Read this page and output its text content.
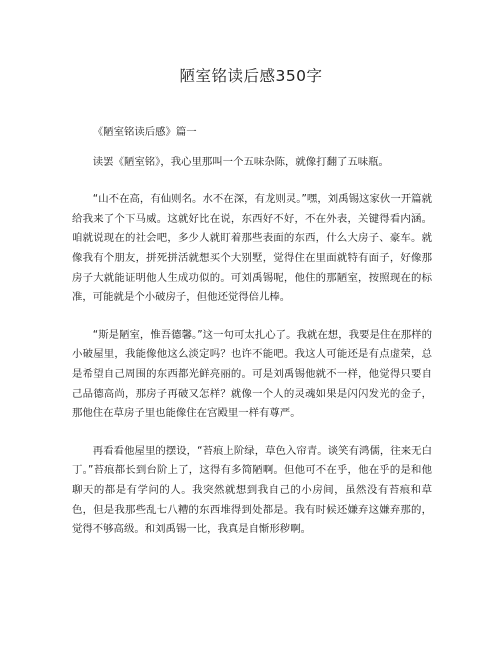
陋室铭读后感350字

《陋室铭读后感》篇一

读罢《陋室铭》，我心里那叫一个五味杂陈，就像打翻了五味瓶。

“山不在高，有仙则名。水不在深，有龙则灵。”嘿，刘禹锡这家伙一开篇就给我来了个下马威。这就好比在说，东西好不好，不在外表，关键得看内涵。咱就说现在的社会吧，多少人就盯着那些表面的东西，什么大房子、豪车。就像我有个朋友，拼死拼活就想买个大别墅，觉得住在里面就特有面子，好像那房子大就能证明他人生成功似的。可刘禹锡呢，他住的那陋室，按照现在的标准，可能就是个小破房子，但他还觉得倍儿棒。

“斯是陋室，惟吾德馨。”这一句可太扎心了。我就在想，我要是住在那样的小破屋里，我能像他这么淡定吗？也许不能吧。我这人可能还是有点虚荣，总是希望自己周围的东西都光鲜亮丽的。可是刘禹锡他就不一样，他觉得只要自己品德高尚，那房子再破又怎样？就像一个人的灵魂如果是闪闪发光的金子，那他住在草房子里也能像住在宫殿里一样有尊严。

再看看他屋里的摆设，“苔痕上阶绿，草色入帘青。谈笑有鸿儒，往来无白丁。”苔痕都长到台阶上了，这得有多简陋啊。但他可不在乎，他在乎的是和他聊天的都是有学问的人。我突然就想到我自己的小房间，虽然没有苔痕和草色，但是我那些乱七八糟的东西堆得到处都是。我有时候还嫌弃这嫌弃那的，觉得不够高级。和刘禹锡一比，我真是自惭形秽啊。
